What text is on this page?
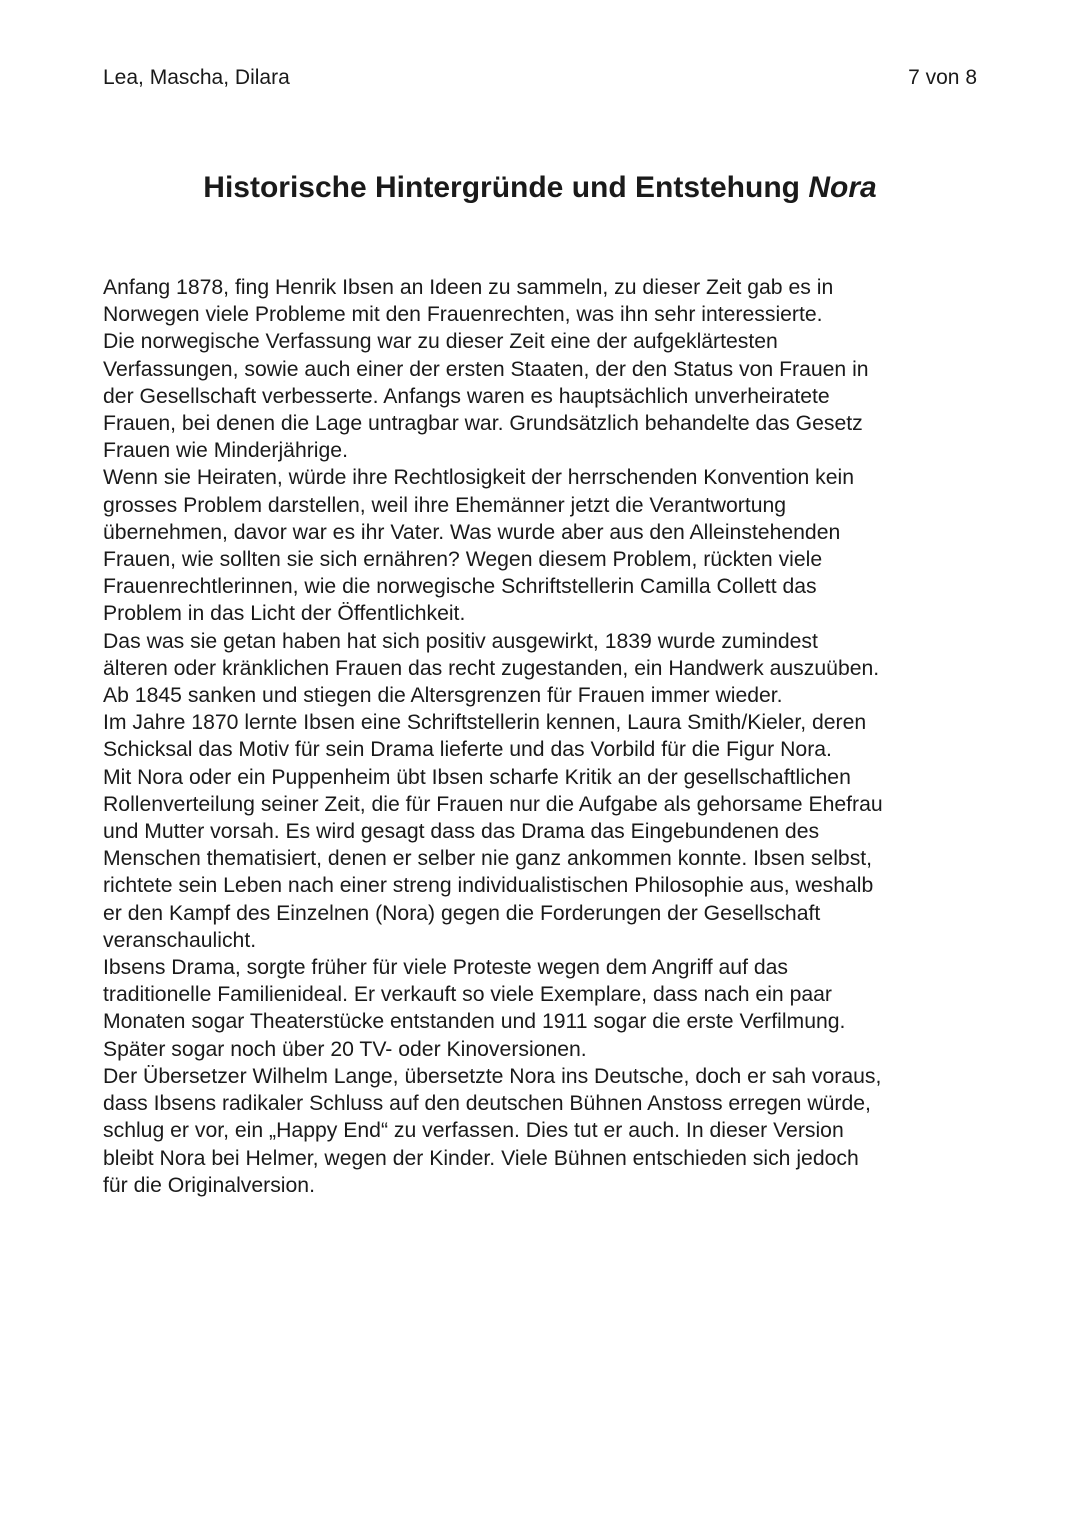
Lea, Mascha, Dilara	7 von 8
Historische Hintergründe und Entstehung Nora

Anfang 1878, fing Henrik Ibsen an Ideen zu sammeln, zu dieser Zeit gab es in

Norwegen viele Probleme mit den Frauenrechten, was ihn sehr interessierte.

Die norwegische Verfassung war zu dieser Zeit eine der aufgeklärtesten

Verfassungen, sowie auch einer der ersten Staaten, der den Status von Frauen in

der Gesellschaft verbesserte. Anfangs waren es hauptsächlich unverheiratete

Frauen, bei denen die Lage untragbar war. Grundsätzlich behandelte das Gesetz

Frauen wie Minderjährige.

Wenn sie Heiraten, würde ihre Rechtlosigkeit der herrschenden Konvention kein

grosses Problem darstellen, weil ihre Ehemänner jetzt die Verantwortung

übernehmen, davor war es ihr Vater. Was wurde aber aus den Alleinstehenden

Frauen, wie sollten sie sich ernähren? Wegen diesem Problem, rückten viele

Frauenrechtlerinnen, wie die norwegische Schriftstellerin Camilla Collett das

Problem in das Licht der Öffentlichkeit.

Das was sie getan haben hat sich positiv ausgewirkt, 1839 wurde zumindest

älteren oder kränklichen Frauen das recht zugestanden, ein Handwerk auszuüben.

Ab 1845 sanken und stiegen die Altersgrenzen für Frauen immer wieder.

Im Jahre 1870 lernte Ibsen eine Schriftstellerin kennen, Laura Smith/Kieler, deren

Schicksal das Motiv für sein Drama lieferte und das Vorbild für die Figur Nora.

Mit Nora oder ein Puppenheim übt Ibsen scharfe Kritik an der gesellschaftlichen

Rollenverteilung seiner Zeit, die für Frauen nur die Aufgabe als gehorsame Ehefrau

und Mutter vorsah. Es wird gesagt dass das Drama das Eingebundenen des

Menschen thematisiert, denen er selber nie ganz ankommen konnte. Ibsen selbst,

richtete sein Leben nach einer streng individualistischen Philosophie aus, weshalb

er den Kampf des Einzelnen (Nora) gegen die Forderungen der Gesellschaft

veranschaulicht.

Ibsens Drama, sorgte früher für viele Proteste wegen dem Angriff auf das

traditionelle Familienideal. Er verkauft so viele Exemplare, dass nach ein paar

Monaten sogar Theaterstücke entstanden und 1911 sogar die erste Verfilmung.

Später sogar noch über 20 TV- oder Kinoversionen.

Der Übersetzer Wilhelm Lange, übersetzte Nora ins Deutsche, doch er sah voraus,

dass Ibsens radikaler Schluss auf den deutschen Bühnen Anstoss erregen würde,

schlug er vor, ein „Happy End“ zu verfassen. Dies tut er auch. In dieser Version

bleibt Nora bei Helmer, wegen der Kinder. Viele Bühnen entschieden sich jedoch

für die Originalversion.
